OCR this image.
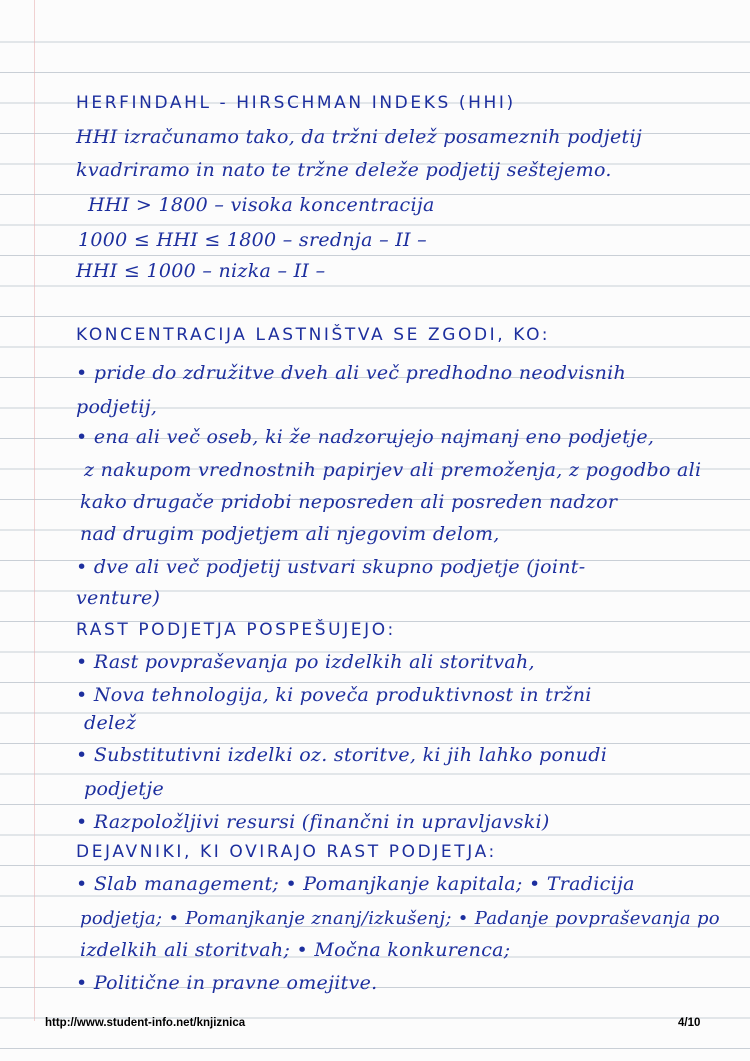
HERFINDAHL - HIRSCHMAN INDEKS (HHI)
HHI izračunamo tako, da tržni delež posameznih podjetij
kvadriramo in nato te tržne deleže podjetij seštejemo.
HHI > 1800 – visoka koncentracija
1000 ≤ HHI ≤ 1800 – srednja – II –
HHI ≤ 1000 – nizka – II –
KONCENTRACIJA LASTNIŠTVA SE ZGODI, KO:
• pride do združitve dveh ali več predhodno neodvisnih
podjetij,
• ena ali več oseb, ki že nadzorujejo najmanj eno podjetje,
z nakupom vrednostnih papirjev ali premoženja, z pogodbo ali
kako drugače pridobi neposreden ali posreden nadzor
nad drugim podjetjem ali njegovim delom,
• dve ali več podjetij ustvari skupno podjetje (joint-
venture)
RAST PODJETJA POSPEŠUJEJO:
• Rast povpraševanja po izdelkih ali storitvah,
• Nova tehnologija, ki poveča produktivnost in tržni
delež
• Substitutivni izdelki oz. storitve, ki jih lahko ponudi
podjetje
• Razpoložljivi resursi (finančni in upravljavski)
DEJAVNIKI, KI OVIRAJO RAST PODJETJA:
• Slab management; • Pomanjkanje kapitala; • Tradicija
podjetja; • Pomanjkanje znanj/izkušenj; • Padanje povpraševanja po
izdelkih ali storitvah; • Močna konkurenca;
• Politične in pravne omejitve.
http://www.student-info.net/knjiznica	4/10
